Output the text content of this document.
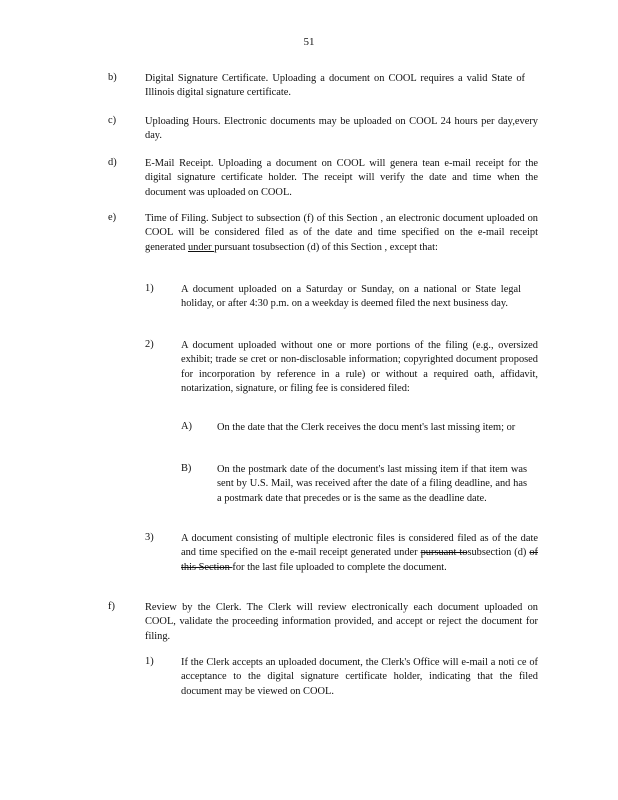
51
b)	Digital Signature Certificate. Uploading a document on COOL requires a valid State of Illinois digital signature certificate.
c)	Uploading Hours. Electronic documents may be uploaded on COOL 24 hours per day,every day.
d)	E-Mail Receipt. Uploading a document on COOL will genera tean e-mail receipt for the digital signature certificate holder. The receipt will verify the date and time when the document was uploaded on COOL.
e)	Time of Filing. Subject to subsection (f) of this Section , an electronic document uploaded on COOL will be considered filed as of the date and time specified on the e-mail receipt generated under pursuant tosubsection (d) of this Section , except that:
1)	A document uploaded on a Saturday or Sunday, on a national or State legal holiday, or after 4:30 p.m. on a weekday is deemed filed the next business day.
2)	A document uploaded without one or more portions of the filing (e.g., oversized exhibit; trade se cret or non-disclosable information; copyrighted document proposed for incorporation by reference in a rule) or without a required oath, affidavit, notarization, signature, or filing fee is considered filed:
A) On the date that the Clerk receives the docu ment's last missing item; or
B) On the postmark date of the document's last missing item if that item was sent by U.S. Mail, was received after the date of a filing deadline, and has a postmark date that precedes or is the same as the deadline date.
3)	A document consisting of multiple electronic files is considered filed as of the date and time specified on the e-mail receipt generated under pursuant tosubsection (d) of this Section for the last file uploaded to complete the document.
f)	Review by the Clerk. The Clerk will review electronically each document uploaded on COOL, validate the proceeding information provided, and accept or reject the document for filing.
1)	If the Clerk accepts an uploaded document, the Clerk's Office will e-mail a noti ce of acceptance to the digital signature certificate holder, indicating that the filed document may be viewed on COOL.
